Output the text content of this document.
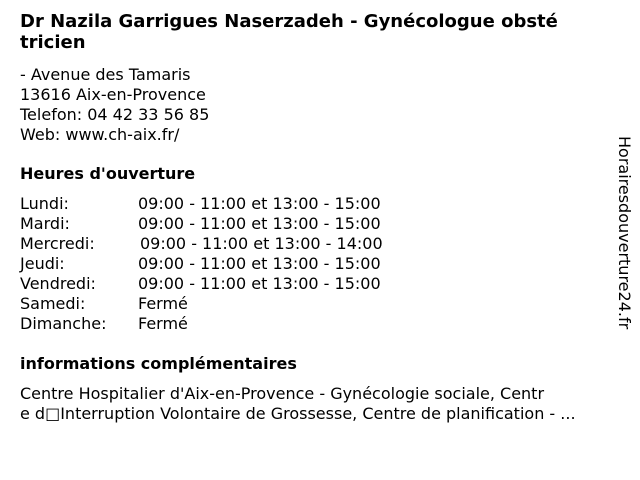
Dr Nazila Garrigues Naserzadeh - Gynécologue obsté
tricien
- Avenue des Tamaris
13616 Aix-en-Provence
Telefon: 04 42 33 56 85
Web: www.ch-aix.fr/
Heures d'ouverture
Lundi:	09:00 - 11:00 et 13:00 - 15:00
Mardi:	09:00 - 11:00 et 13:00 - 15:00
Mercredi:	09:00 - 11:00 et 13:00 - 14:00
Jeudi:	09:00 - 11:00 et 13:00 - 15:00
Vendredi:	09:00 - 11:00 et 13:00 - 15:00
Samedi:	Fermé
Dimanche: Fermé
informations complémentaires
Centre Hospitalier d'Aix-en-Provence - Gynécologie sociale, Centr
e d□Interruption Volontaire de Grossesse, Centre de planification - ...
Horairesdouverture24.fr
